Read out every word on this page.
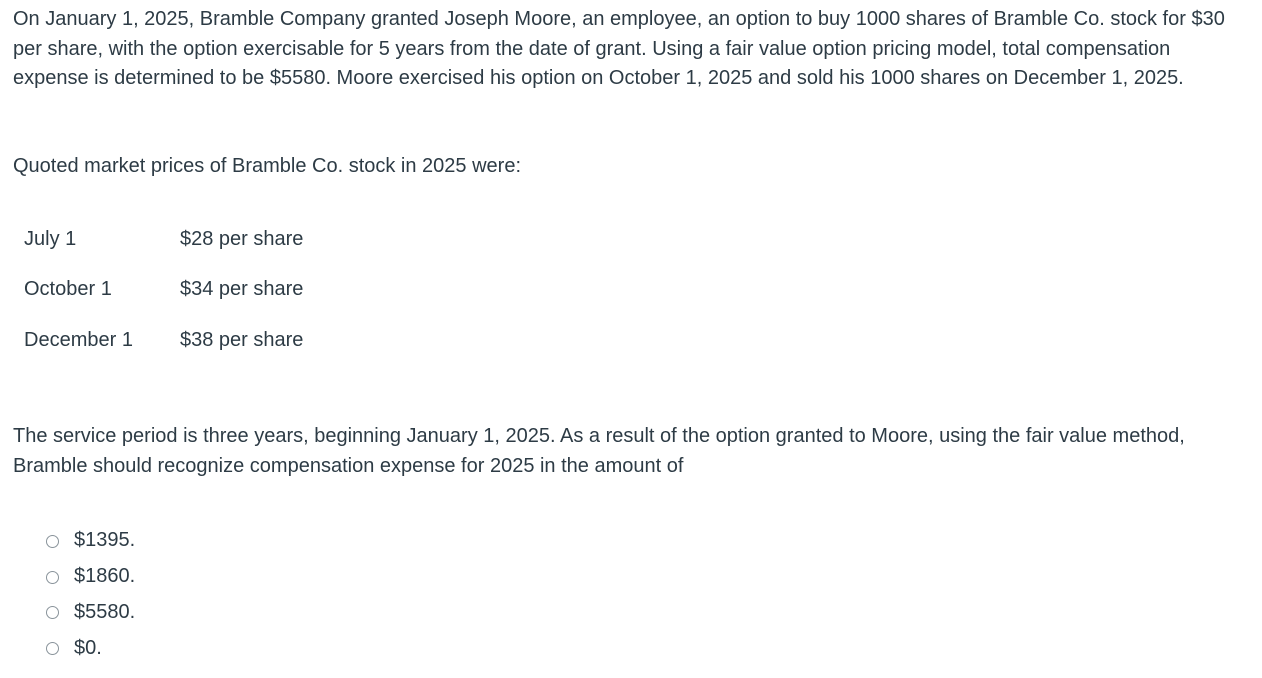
On January 1, 2025, Bramble Company granted Joseph Moore, an employee, an option to buy 1000 shares of Bramble Co. stock for $30 per share, with the option exercisable for 5 years from the date of grant. Using a fair value option pricing model, total compensation expense is determined to be $5580. Moore exercised his option on October 1, 2025 and sold his 1000 shares on December 1, 2025.

Quoted market prices of Bramble Co. stock in 2025 were:

July 1	$28 per share
October 1	$34 per share
December 1	$38 per share

The service period is three years, beginning January 1, 2025. As a result of the option granted to Moore, using the fair value method, Bramble should recognize compensation expense for 2025 in the amount of

$1395.
$1860.
$5580.
$0.
